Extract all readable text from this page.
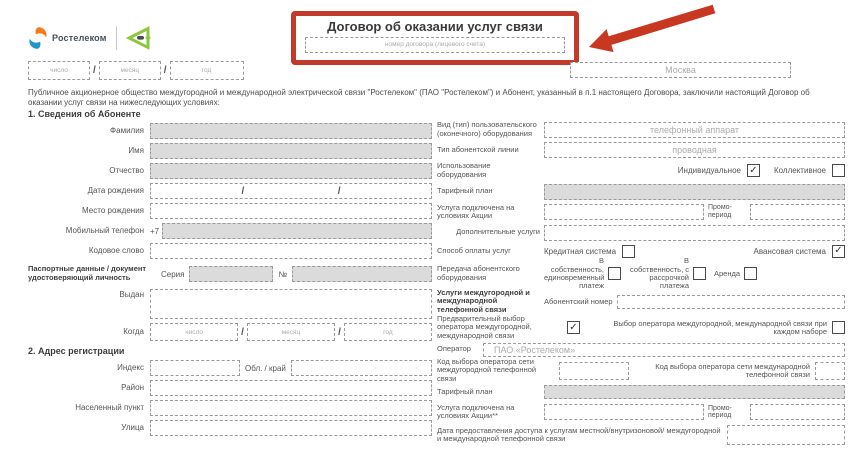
Ростелеком
число	/	месяц /	год
Договор об оказании услуг связи
номер договора (лицевого счета)
Москва
Публичное акционерное общество междугородной и международной электрической связи "Ростелеком" (ПАО "Ростелеком") и Абонент, указанный в п.1 настоящего Договора, заключили настоящий Договор об оказании услуг связи на нижеследующих условиях:
1. Сведения об Абоненте
Фамилия
Имя
Отчество
Дата рождения	/	/
Место рождения
Мобильный телефон +7
Кодовое слово
Паспортные данные / документ удостоверяющий личность	Серия	№
Выдан
Когда	число	/	месяц	/	год
2. Адрес регистрации
Индекс	Обл. / край
Район
Населенный пункт
Улица
Вид (тип) пользовательского (оконечного) оборудования	телефонный аппарат
Тип абонентской линии	проводная
Использование оборудования	Индивидуальное ✓ Коллективное
Тарифный план
Услуга подключена на условиях Акции
Промо-период
Дополнительные услуги
Способ оплаты услуг	Кредитная система	Авансовая система ✓
Передача абонентского оборудования
В собственность, единовременный платеж
В собственность, с рассрочкой платежа
Аренда
Услуги междугородной и международной телефонной связи
Абонентский номер
Предварительный выбор оператора междугородной, международной связи
✓	Выбор оператора междугородной, международной связи при каждом наборе
Оператор	ПАО «Ростелеком»
Код выбора оператора сети междугородной телефонной связи
Код выбора оператора сети международной телефонной связи
Тарифный план
Услуга подключена на условиях Акции**
Промо-период
Дата предоставления доступа к услугам местной/внутризоновой/ междугородной и международной телефонной связи
